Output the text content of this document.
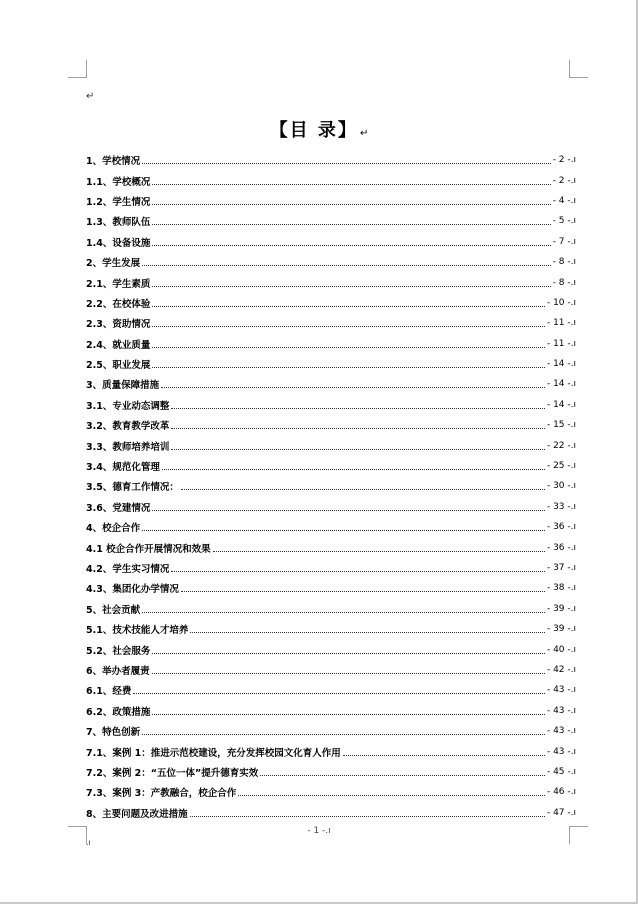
↵
【目 录】 ↵
1、学校情况	- 2 -.ı
1.1、学校概况	- 2 -.ı
1.2、学生情况	- 4 -.ı
1.3、教师队伍	- 5 -.ı
1.4、设备设施	- 7 -.ı
2、学生发展	- 8 -.ı
2.1、学生素质	- 8 -.ı
2.2、在校体验	- 10 -.ı
2.3、资助情况	- 11 -.ı
2.4、就业质量	- 11 -.ı
2.5、职业发展	- 14 -.ı
3、质量保障措施	- 14 -.ı
3.1、专业动态调整	- 14 -.ı
3.2、教育教学改革	- 15 -.ı
3.3、教师培养培训	- 22 -.ı
3.4、规范化管理	- 25 -.ı
3.5、德育工作情况：	- 30 -.ı
3.6、党建情况	- 33 -.ı
4、校企合作	- 36 -.ı
4.1 校企合作开展情况和效果	- 36 -.ı
4.2、学生实习情况	- 37 -.ı
4.3、集团化办学情况	- 38 -.ı
5、社会贡献	- 39 -.ı
5.1、技术技能人才培养	- 39 -.ı
5.2、社会服务	- 40 -.ı
6、举办者履责	- 42 -.ı
6.1、经费	- 43 -.ı
6.2、政策措施	- 43 -.ı
7、特色创新	- 43 -.ı
7.1、案例 1：推进示范校建设，充分发挥校园文化育人作用	- 43 -.ı
7.2、案例 2：“五位一体”提升德育实效	- 45 -.ı
7.3、案例 3：产教融合，校企合作	- 46 -.ı
8、主要问题及改进措施	- 47 -.ı
- 1 -.ı
.ı
